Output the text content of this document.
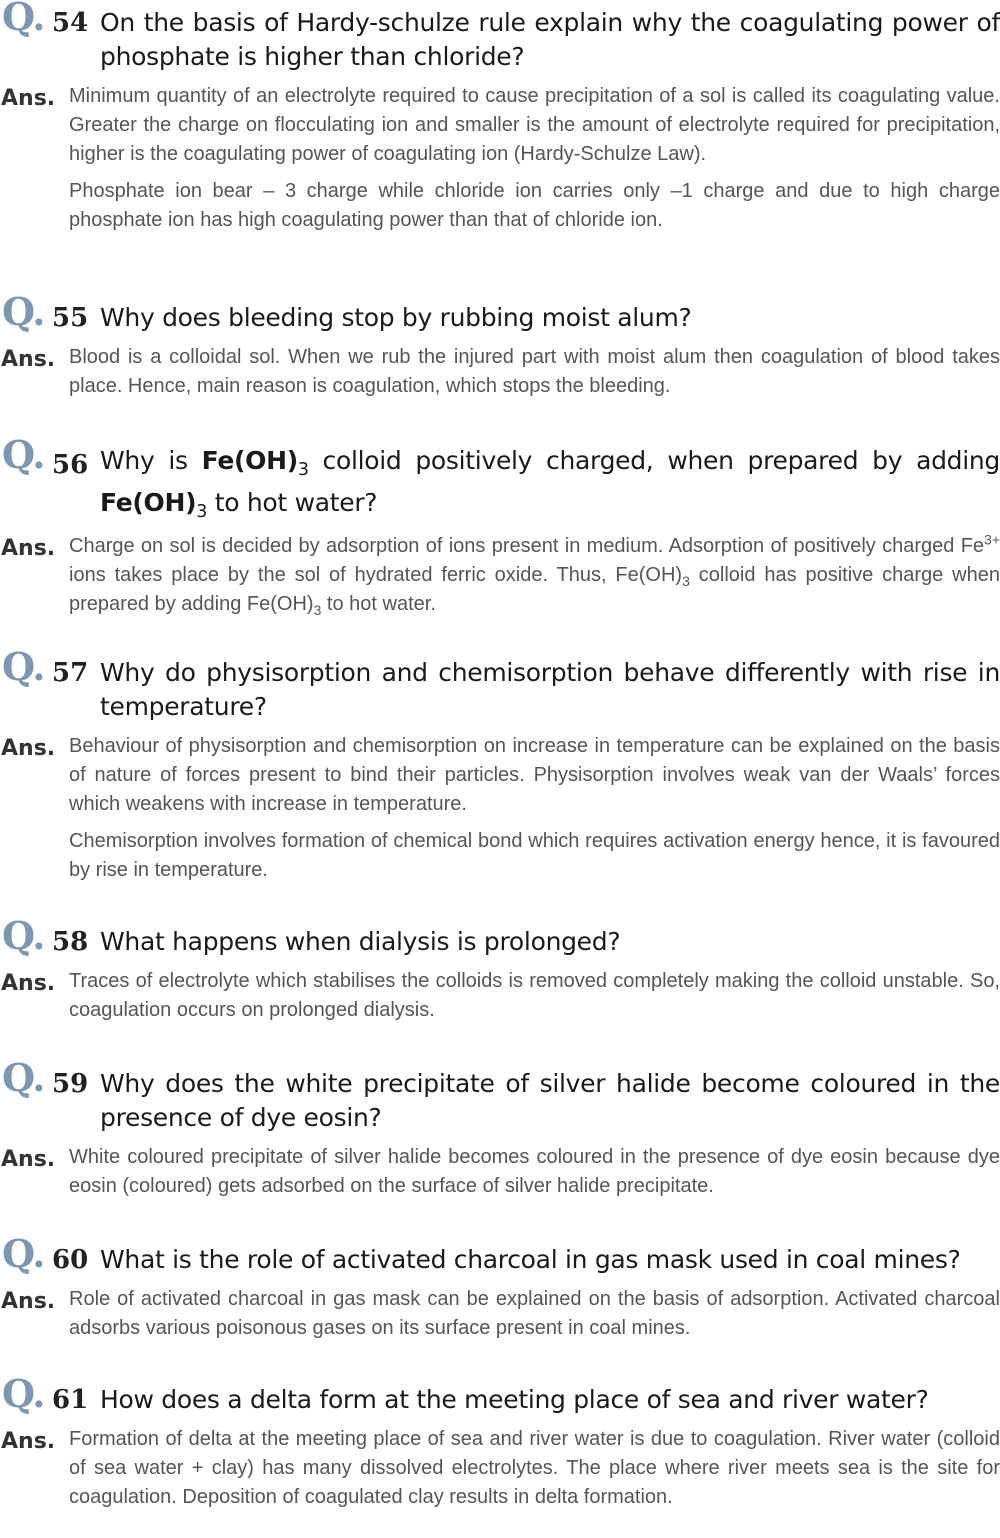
Q. 54 On the basis of Hardy-schulze rule explain why the coagulating power of phosphate is higher than chloride?
Ans. Minimum quantity of an electrolyte required to cause precipitation of a sol is called its coagulating value. Greater the charge on flocculating ion and smaller is the amount of electrolyte required for precipitation, higher is the coagulating power of coagulating ion (Hardy-Schulze Law).

Phosphate ion bear – 3 charge while chloride ion carries only –1 charge and due to high charge phosphate ion has high coagulating power than that of chloride ion.

Q. 55 Why does bleeding stop by rubbing moist alum?
Ans. Blood is a colloidal sol. When we rub the injured part with moist alum then coagulation of blood takes place. Hence, main reason is coagulation, which stops the bleeding.

Q. 56 Why is $Fe(OH)_3$ colloid positively charged, when prepared by adding $Fe(OH)_3$ to hot water?
Ans. Charge on sol is decided by adsorption of ions present in medium. Adsorption of positively charged $Fe^{3+}$ ions takes place by the sol of hydrated ferric oxide. Thus, $Fe(OH)_3$ colloid has positive charge when prepared by adding $Fe(OH)_3$ to hot water.

Q. 57 Why do physisorption and chemisorption behave differently with rise in temperature?
Ans. Behaviour of physisorption and chemisorption on increase in temperature can be explained on the basis of nature of forces present to bind their particles. Physisorption involves weak van der Waals’ forces which weakens with increase in temperature.

Chemisorption involves formation of chemical bond which requires activation energy hence, it is favoured by rise in temperature.

Q. 58 What happens when dialysis is prolonged?
Ans. Traces of electrolyte which stabilises the colloids is removed completely making the colloid unstable. So, coagulation occurs on prolonged dialysis.

Q. 59 Why does the white precipitate of silver halide become coloured in the presence of dye eosin?
Ans. White coloured precipitate of silver halide becomes coloured in the presence of dye eosin because dye eosin (coloured) gets adsorbed on the surface of silver halide precipitate.

Q. 60 What is the role of activated charcoal in gas mask used in coal mines?
Ans. Role of activated charcoal in gas mask can be explained on the basis of adsorption. Activated charcoal adsorbs various poisonous gases on its surface present in coal mines.

Q. 61 How does a delta form at the meeting place of sea and river water?
Ans. Formation of delta at the meeting place of sea and river water is due to coagulation. River water (colloid of sea water + clay) has many dissolved electrolytes. The place where river meets sea is the site for coagulation. Deposition of coagulated clay results in delta formation.
